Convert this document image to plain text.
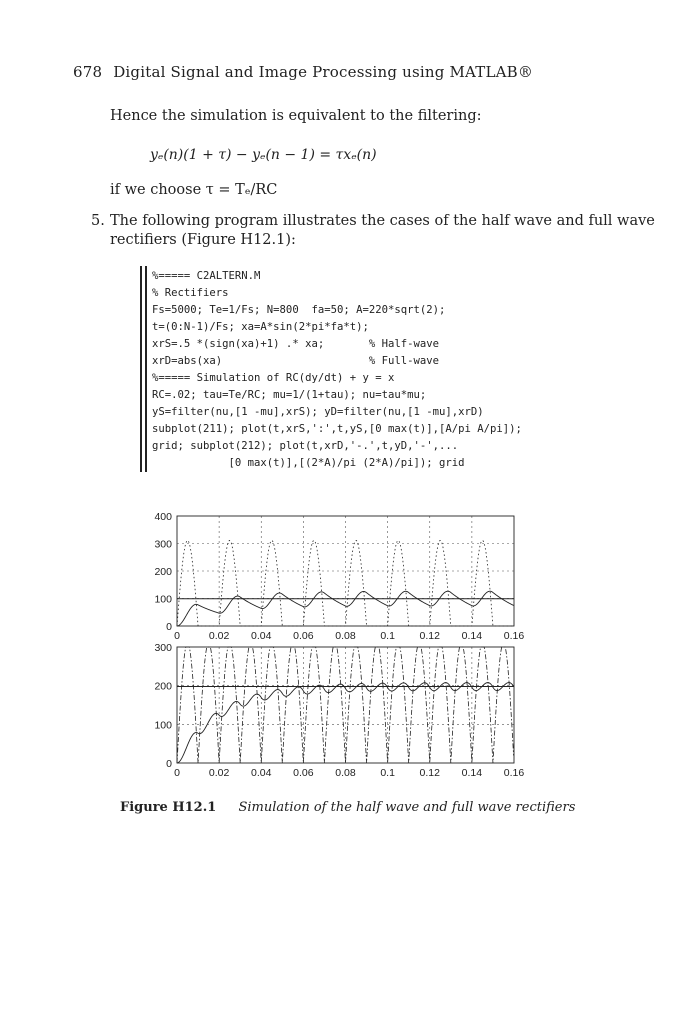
678 Digital Signal and Image Processing using MATLAB®
Hence the simulation is equivalent to the filtering:
yₑ(n)(1 + τ) − yₑ(n − 1) = τxₑ(n)
if we choose τ = Tₑ/RC
5. The following program illustrates the cases of the half wave and full wave
rectifiers (Figure H12.1):
%===== C2ALTERN.M
% Rectifiers
Fs=5000; Te=1/Fs; N=800  fa=50; A=220*sqrt(2);
t=(0:N-1)/Fs; xa=A*sin(2*pi*fa*t);
xrS=.5 *(sign(xa)+1) .* xa;       % Half-wave
xrD=abs(xa)                       % Full-wave
%===== Simulation of RC(dy/dt) + y = x
RC=.02; tau=Te/RC; mu=1/(1+tau); nu=tau*mu;
yS=filter(nu,[1 -mu],xrS); yD=filter(nu,[1 -mu],xrD)
subplot(211); plot(t,xrS,':',t,yS,[0 max(t)],[A/pi A/pi]);
grid; subplot(212); plot(t,xrD,'-.',t,yD,'-',...
[0 max(t)],[(2*A)/pi (2*A)/pi]); grid
0	0.02 0.04 0.06 0.08 0.1 0.12 0.14 0.16
0
100
200
300
400
0	0.02 0.04 0.06 0.08 0.1 0.12 0.14 0.16
0
100
200
300
Figure H12.1 Simulation of the half wave and full wave rectifiers
